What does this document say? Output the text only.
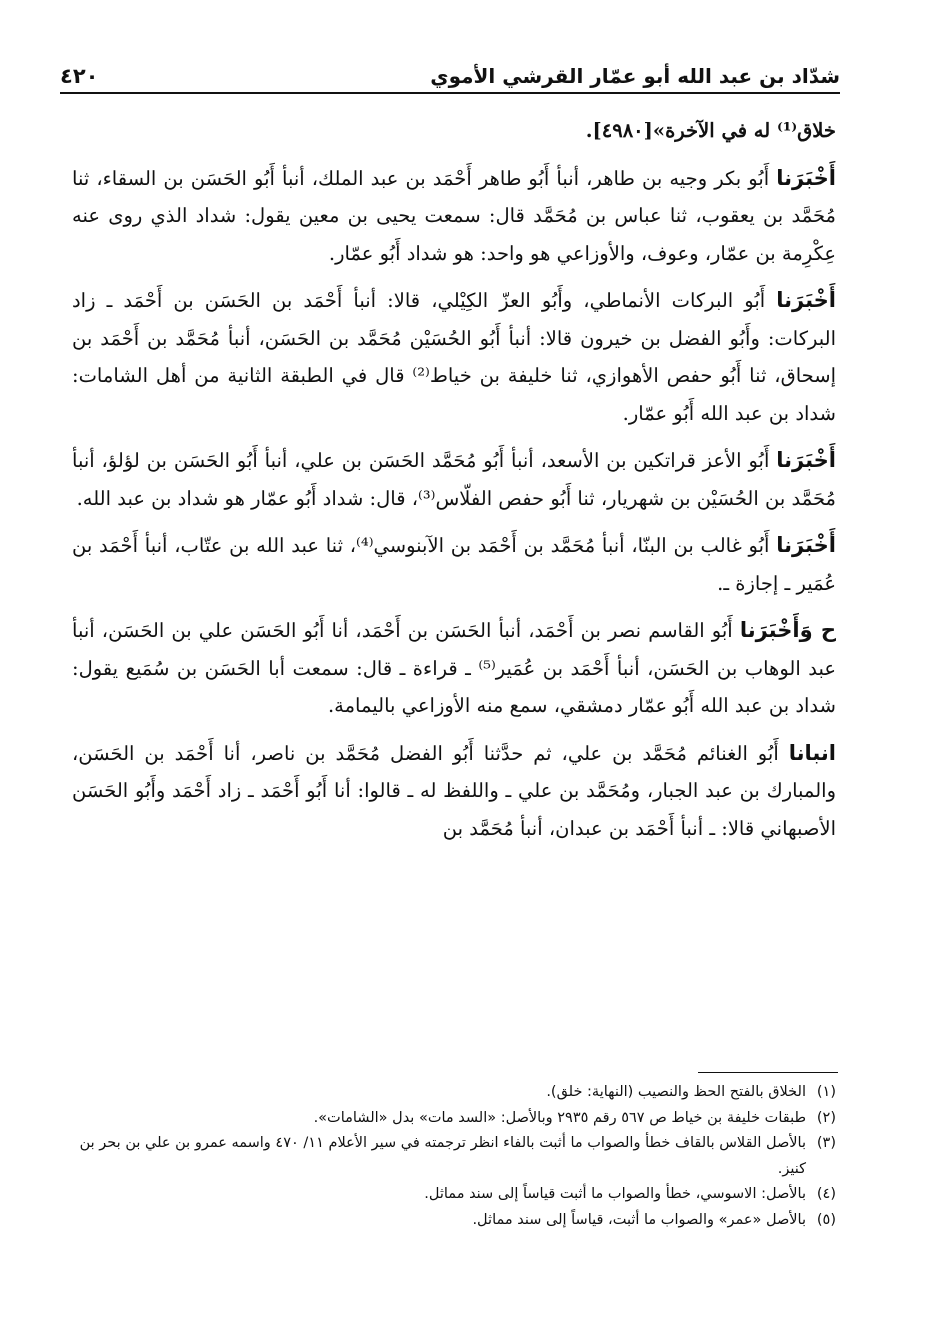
شدّاد بن عبد الله أبو عمّار القرشي الأموي
٤٢٠

خلاق⁽¹⁾ له في الآخرة»[٤٩٨٠].

أَخْبَرَنا أَبُو بكر وجيه بن طاهر، أنبأ أَبُو طاهر أَحْمَد بن عبد الملك، أنبأ أَبُو الحَسَن بن السقاء، ثنا مُحَمَّد بن يعقوب، ثنا عباس بن مُحَمَّد قال: سمعت يحيى بن معين يقول: شداد الذي روى عنه عِكْرِمة بن عمّار، وعوف، والأوزاعي هو واحد: هو شداد أَبُو عمّار.

أَخْبَرَنا أَبُو البركات الأنماطي، وأَبُو العزّ الكِيْلي، قالا: أنبأ أَحْمَد بن الحَسَن بن أَحْمَد ـ زاد البركات: وأَبُو الفضل بن خيرون قالا: أنبأ أَبُو الحُسَيْن مُحَمَّد بن الحَسَن، أنبأ مُحَمَّد بن أَحْمَد بن إسحاق، ثنا أَبُو حفص الأهوازي، ثنا خليفة بن خياط⁽²⁾ قال في الطبقة الثانية من أهل الشامات: شداد بن عبد الله أَبُو عمّار.

أَخْبَرَنا أَبُو الأعز قراتكين بن الأسعد، أنبأ أَبُو مُحَمَّد الحَسَن بن علي، أنبأ أَبُو الحَسَن بن لؤلؤ، أنبأ مُحَمَّد بن الحُسَيْن بن شهريار، ثنا أَبُو حفص الفلّاس⁽³⁾، قال: شداد أَبُو عمّار هو شداد بن عبد الله.

أَخْبَرَنا أَبُو غالب بن البنّا، أنبأ مُحَمَّد بن أَحْمَد بن الآبنوسي⁽⁴⁾، ثنا عبد الله بن عتّاب، أنبأ أَحْمَد بن عُمَير ـ إجازة ـ.

ح وَأَخْبَرَنا أَبُو القاسم نصر بن أَحْمَد، أنبأ الحَسَن بن أَحْمَد، أنا أَبُو الحَسَن علي بن الحَسَن، أنبأ عبد الوهاب بن الحَسَن، أنبأ أَحْمَد بن عُمَير⁽⁵⁾ ـ قراءة ـ قال: سمعت أبا الحَسَن بن سُمَيع يقول: شداد بن عبد الله أَبُو عمّار دمشقي، سمع منه الأوزاعي باليمامة.

انبانا أَبُو الغنائم مُحَمَّد بن علي، ثم حدَّثنا أَبُو الفضل مُحَمَّد بن ناصر، أنا أَحْمَد بن الحَسَن، والمبارك بن عبد الجبار، ومُحَمَّد بن علي ـ واللفظ له ـ قالوا: أنا أَبُو أَحْمَد ـ زاد أَحْمَد وأَبُو الحَسَن الأصبهاني قالا: ـ أنبأ أَحْمَد بن عبدان، أنبأ مُحَمَّد بن

(١)
الخلاق بالفتح الحظ والنصيب (النهاية: خلق).
(٢)
طبقات خليفة بن خياط ص ٥٦٧ رقم ٢٩٣٥ وبالأصل: «السد مات» بدل «الشامات».
(٣)
بالأصل القلاس بالقاف خطأ والصواب ما أثبت بالفاء انظر ترجمته في سير الأعلام ١١/ ٤٧٠ واسمه عمرو بن علي بن بحر بن كنيز.
(٤)
بالأصل: الاسوسي، خطأ والصواب ما أثبت قياساً إلى سند مماثل.
(٥)
بالأصل «عمر» والصواب ما أثبت، قياساً إلى سند مماثل.
